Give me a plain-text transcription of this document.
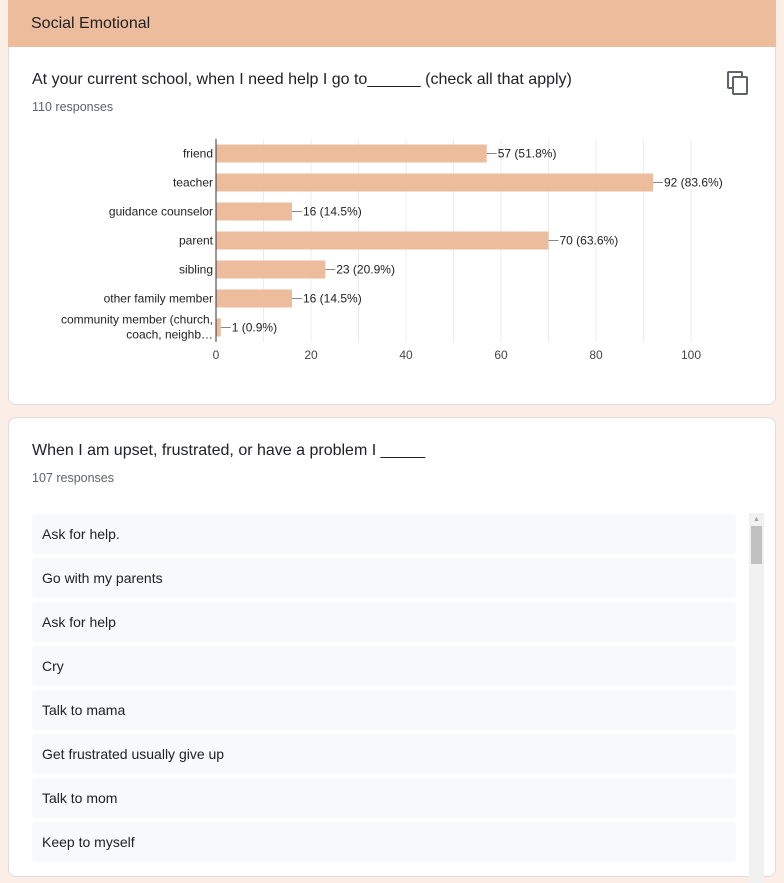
Social Emotional
At your current school, when I need help I go to______ (check all that apply)
110 responses
0	20	40	60	80	100
friend	57 (51.8%)
teacher	92 (83.6%)
guidance counselor	16 (14.5%)
parent	70 (63.6%)
sibling	23 (20.9%)
other family member	16 (14.5%)
community member (church, coach, neighb… 1 (0.9%)
When I am upset, frustrated, or have a problem I _____
107 responses
Ask for help.
Go with my parents
Ask for help
Cry
Talk to mama
Get frustrated usually give up
Talk to mom
Keep to myself
▲
